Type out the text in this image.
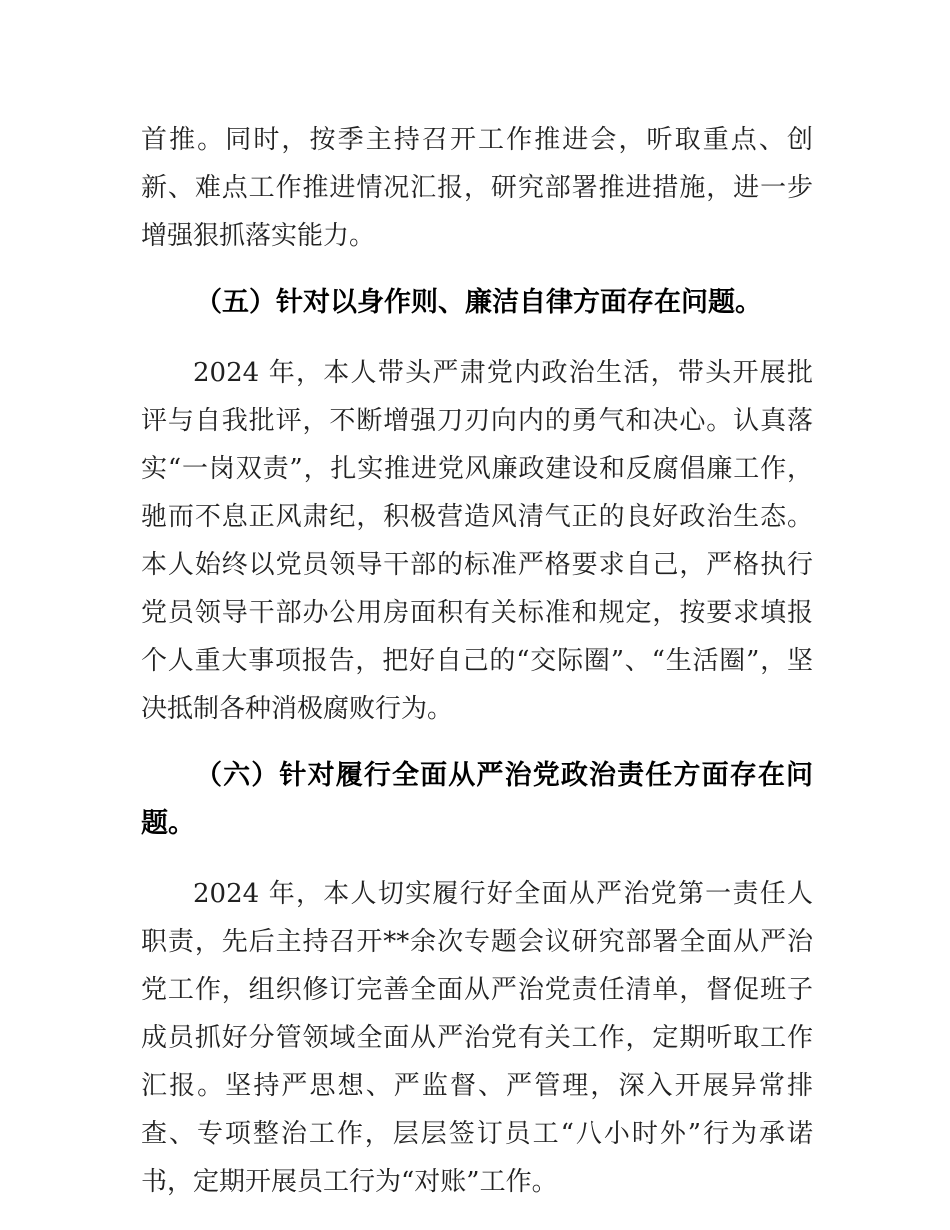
首推。同时，按季主持召开工作推进会，听取重点、创新、难点工作推进情况汇报，研究部署推进措施，进一步增强狠抓落实能力。

（五）针对以身作则、廉洁自律方面存在问题。

2024 年，本人带头严肃党内政治生活，带头开展批评与自我批评，不断增强刀刃向内的勇气和决心。认真落实“一岗双责”，扎实推进党风廉政建设和反腐倡廉工作，驰而不息正风肃纪，积极营造风清气正的良好政治生态。本人始终以党员领导干部的标准严格要求自己，严格执行党员领导干部办公用房面积有关标准和规定，按要求填报个人重大事项报告，把好自己的“交际圈”、“生活圈”，坚决抵制各种消极腐败行为。

（六）针对履行全面从严治党政治责任方面存在问题。

2024 年，本人切实履行好全面从严治党第一责任人职责，先后主持召开**余次专题会议研究部署全面从严治党工作，组织修订完善全面从严治党责任清单，督促班子成员抓好分管领域全面从严治党有关工作，定期听取工作汇报。坚持严思想、严监督、严管理，深入开展异常排查、专项整治工作，层层签订员工“八小时外”行为承诺书，定期开展员工行为“对账”工作。
